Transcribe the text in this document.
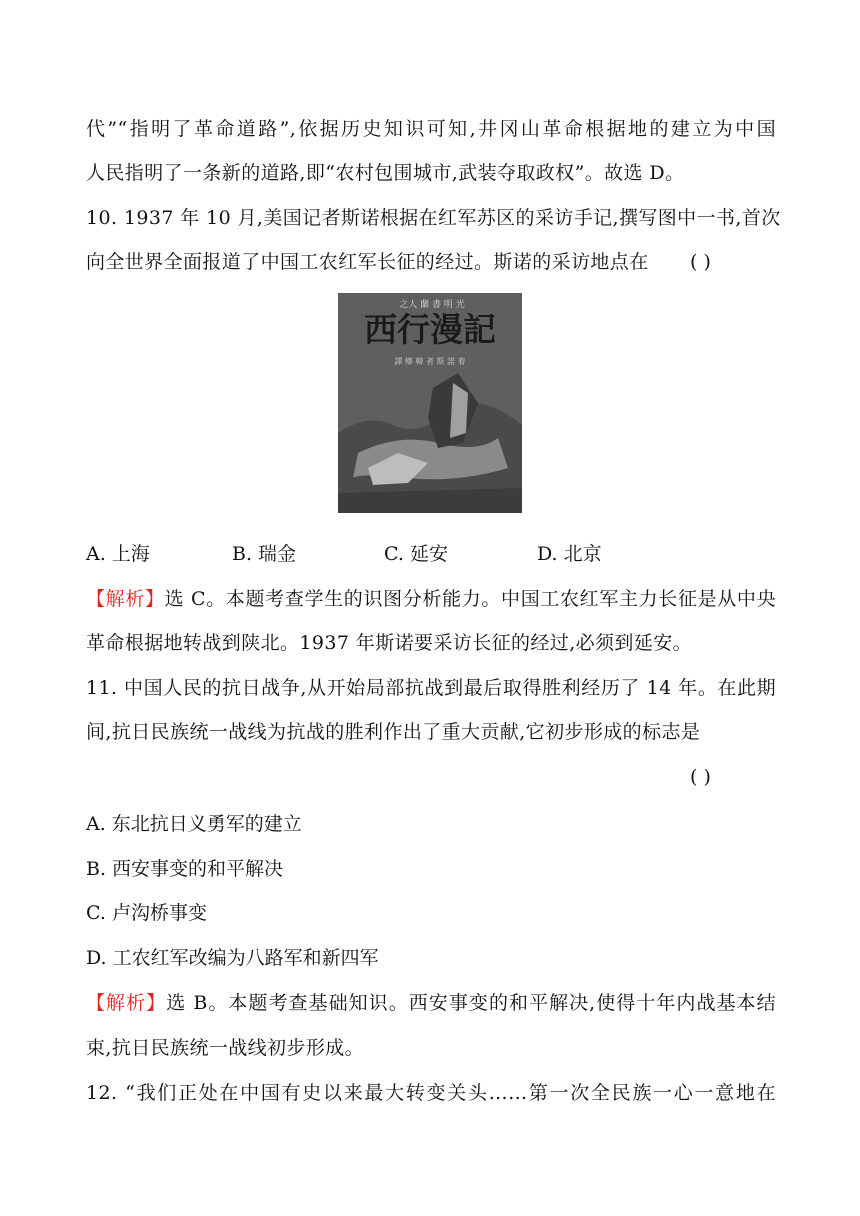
代”“指明了革命道路”,依据历史知识可知,井冈山革命根据地的建立为中国
人民指明了一条新的道路,即“农村包围城市,武装夺取政权”。故选 D。
10. 1937 年 10 月,美国记者斯诺根据在红军苏区的采访手记,撰写图中一书,首次
向全世界全面报道了中国工农红军长征的经过。斯诺的采访地点在 ( )
之人 蘭 書 明 光
西行漫記
譯 鄉 韓 者 斯 諾 着
A. 上海	B. 瑞金	C. 延安	D. 北京
【解析】选 C。本题考查学生的识图分析能力。中国工农红军主力长征是从中央
革命根据地转战到陕北。1937 年斯诺要采访长征的经过,必须到延安。
11. 中国人民的抗日战争,从开始局部抗战到最后取得胜利经历了 14 年。在此期
间,抗日民族统一战线为抗战的胜利作出了重大贡献,它初步形成的标志是
( )
A. 东北抗日义勇军的建立
B. 西安事变的和平解决
C. 卢沟桥事变
D. 工农红军改编为八路军和新四军
【解析】选 B。本题考查基础知识。西安事变的和平解决,使得十年内战基本结
束,抗日民族统一战线初步形成。
12. “我们正处在中国有史以来最大转变关头……第一次全民族一心一意地在
